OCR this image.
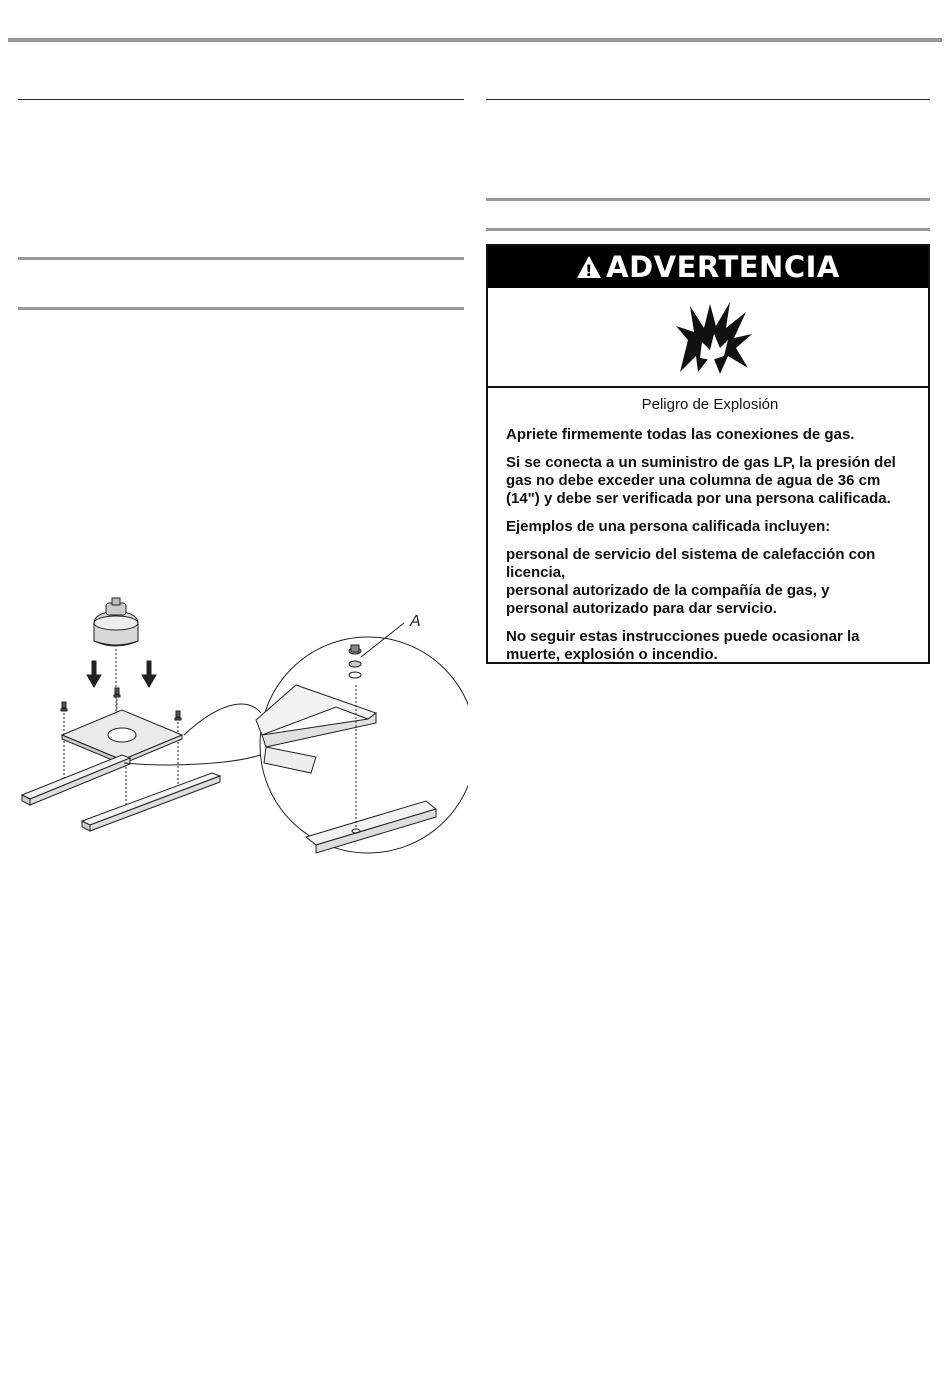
A
! ADVERTENCIA

Peligro de Explosión

Apriete firmemente todas las conexiones de gas.

Si se conecta a un suministro de gas LP, la presión del gas no debe exceder una columna de agua de 36 cm (14") y debe ser verificada por una persona calificada.

Ejemplos de una persona calificada incluyen:

personal de servicio del sistema de calefacción con licencia,
personal autorizado de la compañía de gas, y
personal autorizado para dar servicio.

No seguir estas instrucciones puede ocasionar la muerte, explosión o incendio.
